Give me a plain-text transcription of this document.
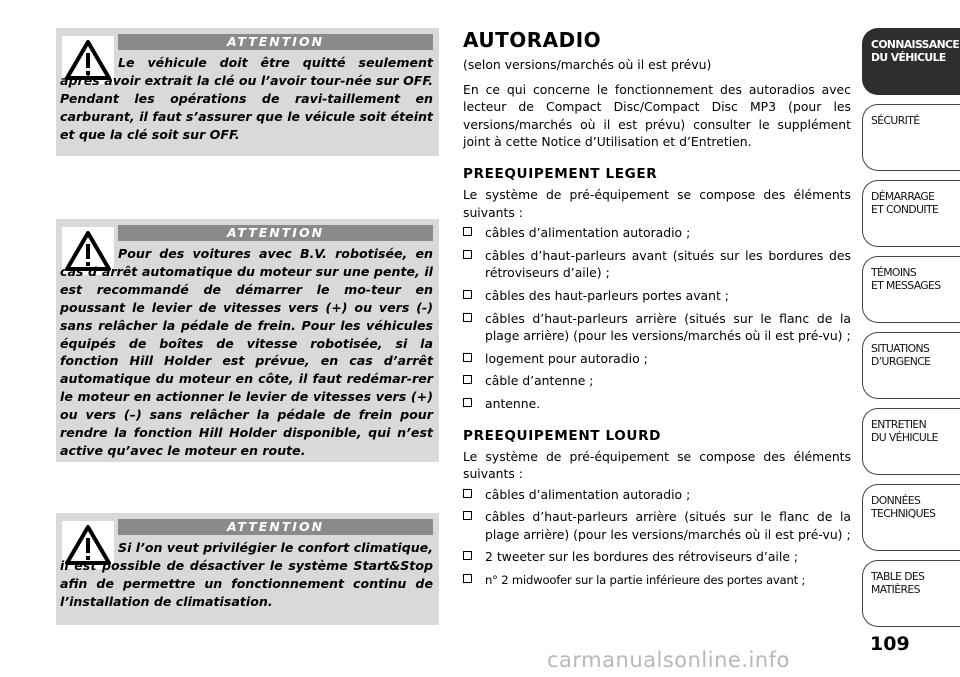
ATTENTION
Le véhicule doit être quitté seulement après avoir extrait la clé ou l’avoir tour-née sur OFF. Pendant les opérations de ravi-taillement en carburant, il faut s’assurer que le véicule soit éteint et que la clé soit sur OFF.
ATTENTION
Pour des voitures avec B.V. robotisée, en cas d’arrêt automatique du moteur sur une pente, il est recommandé de démarrer le mo-teur en poussant le levier de vitesses vers (+) ou vers (-) sans relâcher la pédale de frein. Pour les véhicules équipés de boîtes de vitesse robotisée, si la fonction Hill Holder est prévue, en cas d’arrêt automatique du moteur en côte, il faut redémar-rer le moteur en actionner le levier de vitesses vers (+) ou vers (–) sans relâcher la pédale de frein pour rendre la fonction Hill Holder disponible, qui n’est active qu’avec le moteur en route.
ATTENTION
Si l’on veut privilégier le confort climatique, il est possible de désactiver le système Start&Stop afin de permettre un fonctionnement continu de l’installation de climatisation.
AUTORADIO

(selon versions/marchés où il est prévu)

En ce qui concerne le fonctionnement des autoradios avec lecteur de Compact Disc/Compact Disc MP3 (pour les versions/marchés où il est prévu) consulter le supplément joint à cette Notice d’Utilisation et d’Entretien.

PREEQUIPEMENT LEGER

Le système de pré-équipement se compose des éléments suivants :

câbles d’alimentation autoradio ;
câbles d’haut-parleurs avant (situés sur les bordures des rétroviseurs d’aile) ;
câbles des haut-parleurs portes avant ;
câbles d’haut-parleurs arrière (situés sur le flanc de la plage arrière) (pour les versions/marchés où il est pré-vu) ;
logement pour autoradio ;
câble d’antenne ;
antenne.
PREEQUIPEMENT LOURD

Le système de pré-équipement se compose des éléments suivants :

câbles d’alimentation autoradio ;
câbles d’haut-parleurs arrière (situés sur le flanc de la plage arrière) (pour les versions/marchés où il est pré-vu) ;
2 tweeter sur les bordures des rétroviseurs d’aile ;
n° 2 midwoofer sur la partie inférieure des portes avant ;
CONNAISSANCE
DU VÉHICULE
SÉCURITÉ
DÉMARRAGE
ET CONDUITE
TÉMOINS
ET MESSAGES
SITUATIONS
D’URGENCE
ENTRETIEN
DU VÉHICULE
DONNÉES
TECHNIQUES
TABLE DES
MATIÈRES
109
carmanualsonline.info
